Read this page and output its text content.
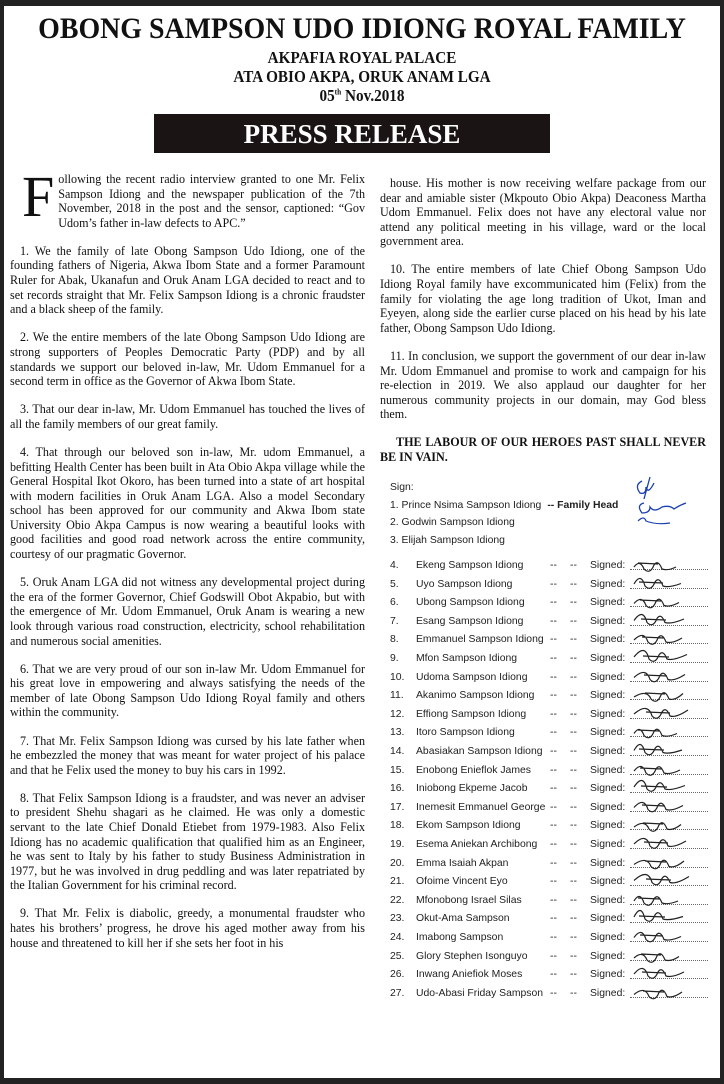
OBONG SAMPSON UDO IDIONG ROYAL FAMILY
AKPAFIA ROYAL PALACE
ATA OBIO AKPA, ORUK ANAM LGA
05th Nov.2018
PRESS RELEASE

Following the recent radio interview granted to one Mr. Felix Sampson Idiong and the newspaper publication of the 7th November, 2018 in the post and the sensor, captioned: “Gov Udom’s father in-law defects to APC.”

1. We the family of late Obong Sampson Udo Idiong, one of the founding fathers of Nigeria, Akwa Ibom State and a former Paramount Ruler for Abak, Ukanafun and Oruk Anam LGA decided to react and to set records straight that Mr. Felix Sampson Idiong is a chronic fraudster and a black sheep of the family.

2. We the entire members of the late Obong Sampson Udo Idiong are strong supporters of Peoples Democratic Party (PDP) and by all standards we support our beloved in-law, Mr. Udom Emmanuel for a second term in office as the Governor of Akwa Ibom State.

3. That our dear in-law, Mr. Udom Emmanuel has touched the lives of all the family members of our great family.

4. That through our beloved son in-law, Mr. udom Emmanuel, a befitting Health Center has been built in Ata Obio Akpa village while the General Hospital Ikot Okoro, has been turned into a state of art hospital with modern facilities in Oruk Anam LGA. Also a model Secondary school has been approved for our community and Akwa Ibom state University Obio Akpa Campus is now wearing a beautiful looks with good facilities and good road network across the entire community, courtesy of our pragmatic Governor.

5. Oruk Anam LGA did not witness any developmental project during the era of the former Governor, Chief Godswill Obot Akpabio, but with the emergence of Mr. Udom Emmanuel, Oruk Anam is wearing a new look through various road construction, electricity, school rehabilitation and numerous social amenities.

6. That we are very proud of our son in-law Mr. Udom Emmanuel for his great love in empowering and always satisfying the needs of the member of late Obong Sampson Udo Idiong Royal family and others within the community.

7. That Mr. Felix Sampson Idiong was cursed by his late father when he embezzled the money that was meant for water project of his palace and that he Felix used the money to buy his cars in 1992.

8. That Felix Sampson Idiong is a fraudster, and was never an adviser to president Shehu shagari as he claimed. He was only a domestic servant to the late Chief Donald Etiebet from 1979-1983. Also Felix Idiong has no academic qualification that qualified him as an Engineer, he was sent to Italy by his father to study Business Administration in 1977, but he was involved in drug peddling and was later repatriated by the Italian Government for his criminal record.

9. That Mr. Felix is diabolic, greedy, a monumental fraudster who hates his brothers’ progress, he drove his aged mother away from his house and threatened to kill her if she sets her foot in his

house. His mother is now receiving welfare package from our dear and amiable sister (Mkpouto Obio Akpa) Deaconess Martha Udom Emmanuel. Felix does not have any electoral value nor attend any political meeting in his village, ward or the local government area.

10. The entire members of late Chief Obong Sampson Udo Idiong Royal family have excommunicated him (Felix) from the family for violating the age long tradition of Ukot, Iman and Eyeyen, along side the earlier curse placed on his head by his late father, Obong Sampson Udo Idiong.

11. In conclusion, we support the government of our dear in-law Mr. Udom Emmanuel and promise to work and campaign for his re-election in 2019. We also applaud our daughter for her numerous community projects in our domain, may God bless them.

THE LABOUR OF OUR HEROES PAST SHALL NEVER BE IN VAIN.

Sign:
1. Prince Nsima Sampson Idiong -- Family Head
2. Godwin Sampson Idiong
3. Elijah Sampson Idiong
4. Ekeng Sampson Idiong	-- -- Signed:
5. Uyo Sampson Idiong	-- -- Signed:
6. Ubong Sampson Idiong -- -- Signed:
7. Esang Sampson Idiong	-- -- Signed:
8. Emmanuel Sampson Idiong -- -- Signed:
9. Mfon Sampson Idiong	-- -- Signed:
10. Udoma Sampson Idiong -- -- Signed:
11. Akanimo Sampson Idiong -- -- Signed:
12. Effiong Sampson Idiong -- -- Signed:
13. Itoro Sampson Idiong	-- -- Signed:
14. Abasiakan Sampson Idiong -- -- Signed:
15. Enobong Enieflok James -- -- Signed:
16. Iniobong Ekpeme Jacob -- -- Signed:
17. Inemesit Emmanuel George -- -- Signed:
18. Ekom Sampson Idiong	-- -- Signed:
19. Esema Aniekan Archibong -- -- Signed:
20. Emma Isaiah Akpan	-- -- Signed:
21. Ofoime Vincent Eyo	-- -- Signed:
22. Mfonobong Israel Silas	-- -- Signed:
23. Okut-Ama Sampson	-- -- Signed:
24. Imabong Sampson	-- -- Signed:
25. Glory Stephen Isonguyo -- -- Signed:
26. Inwang Aniefiok Moses	-- -- Signed:
27. Udo-Abasi Friday Sampson -- -- Signed:
